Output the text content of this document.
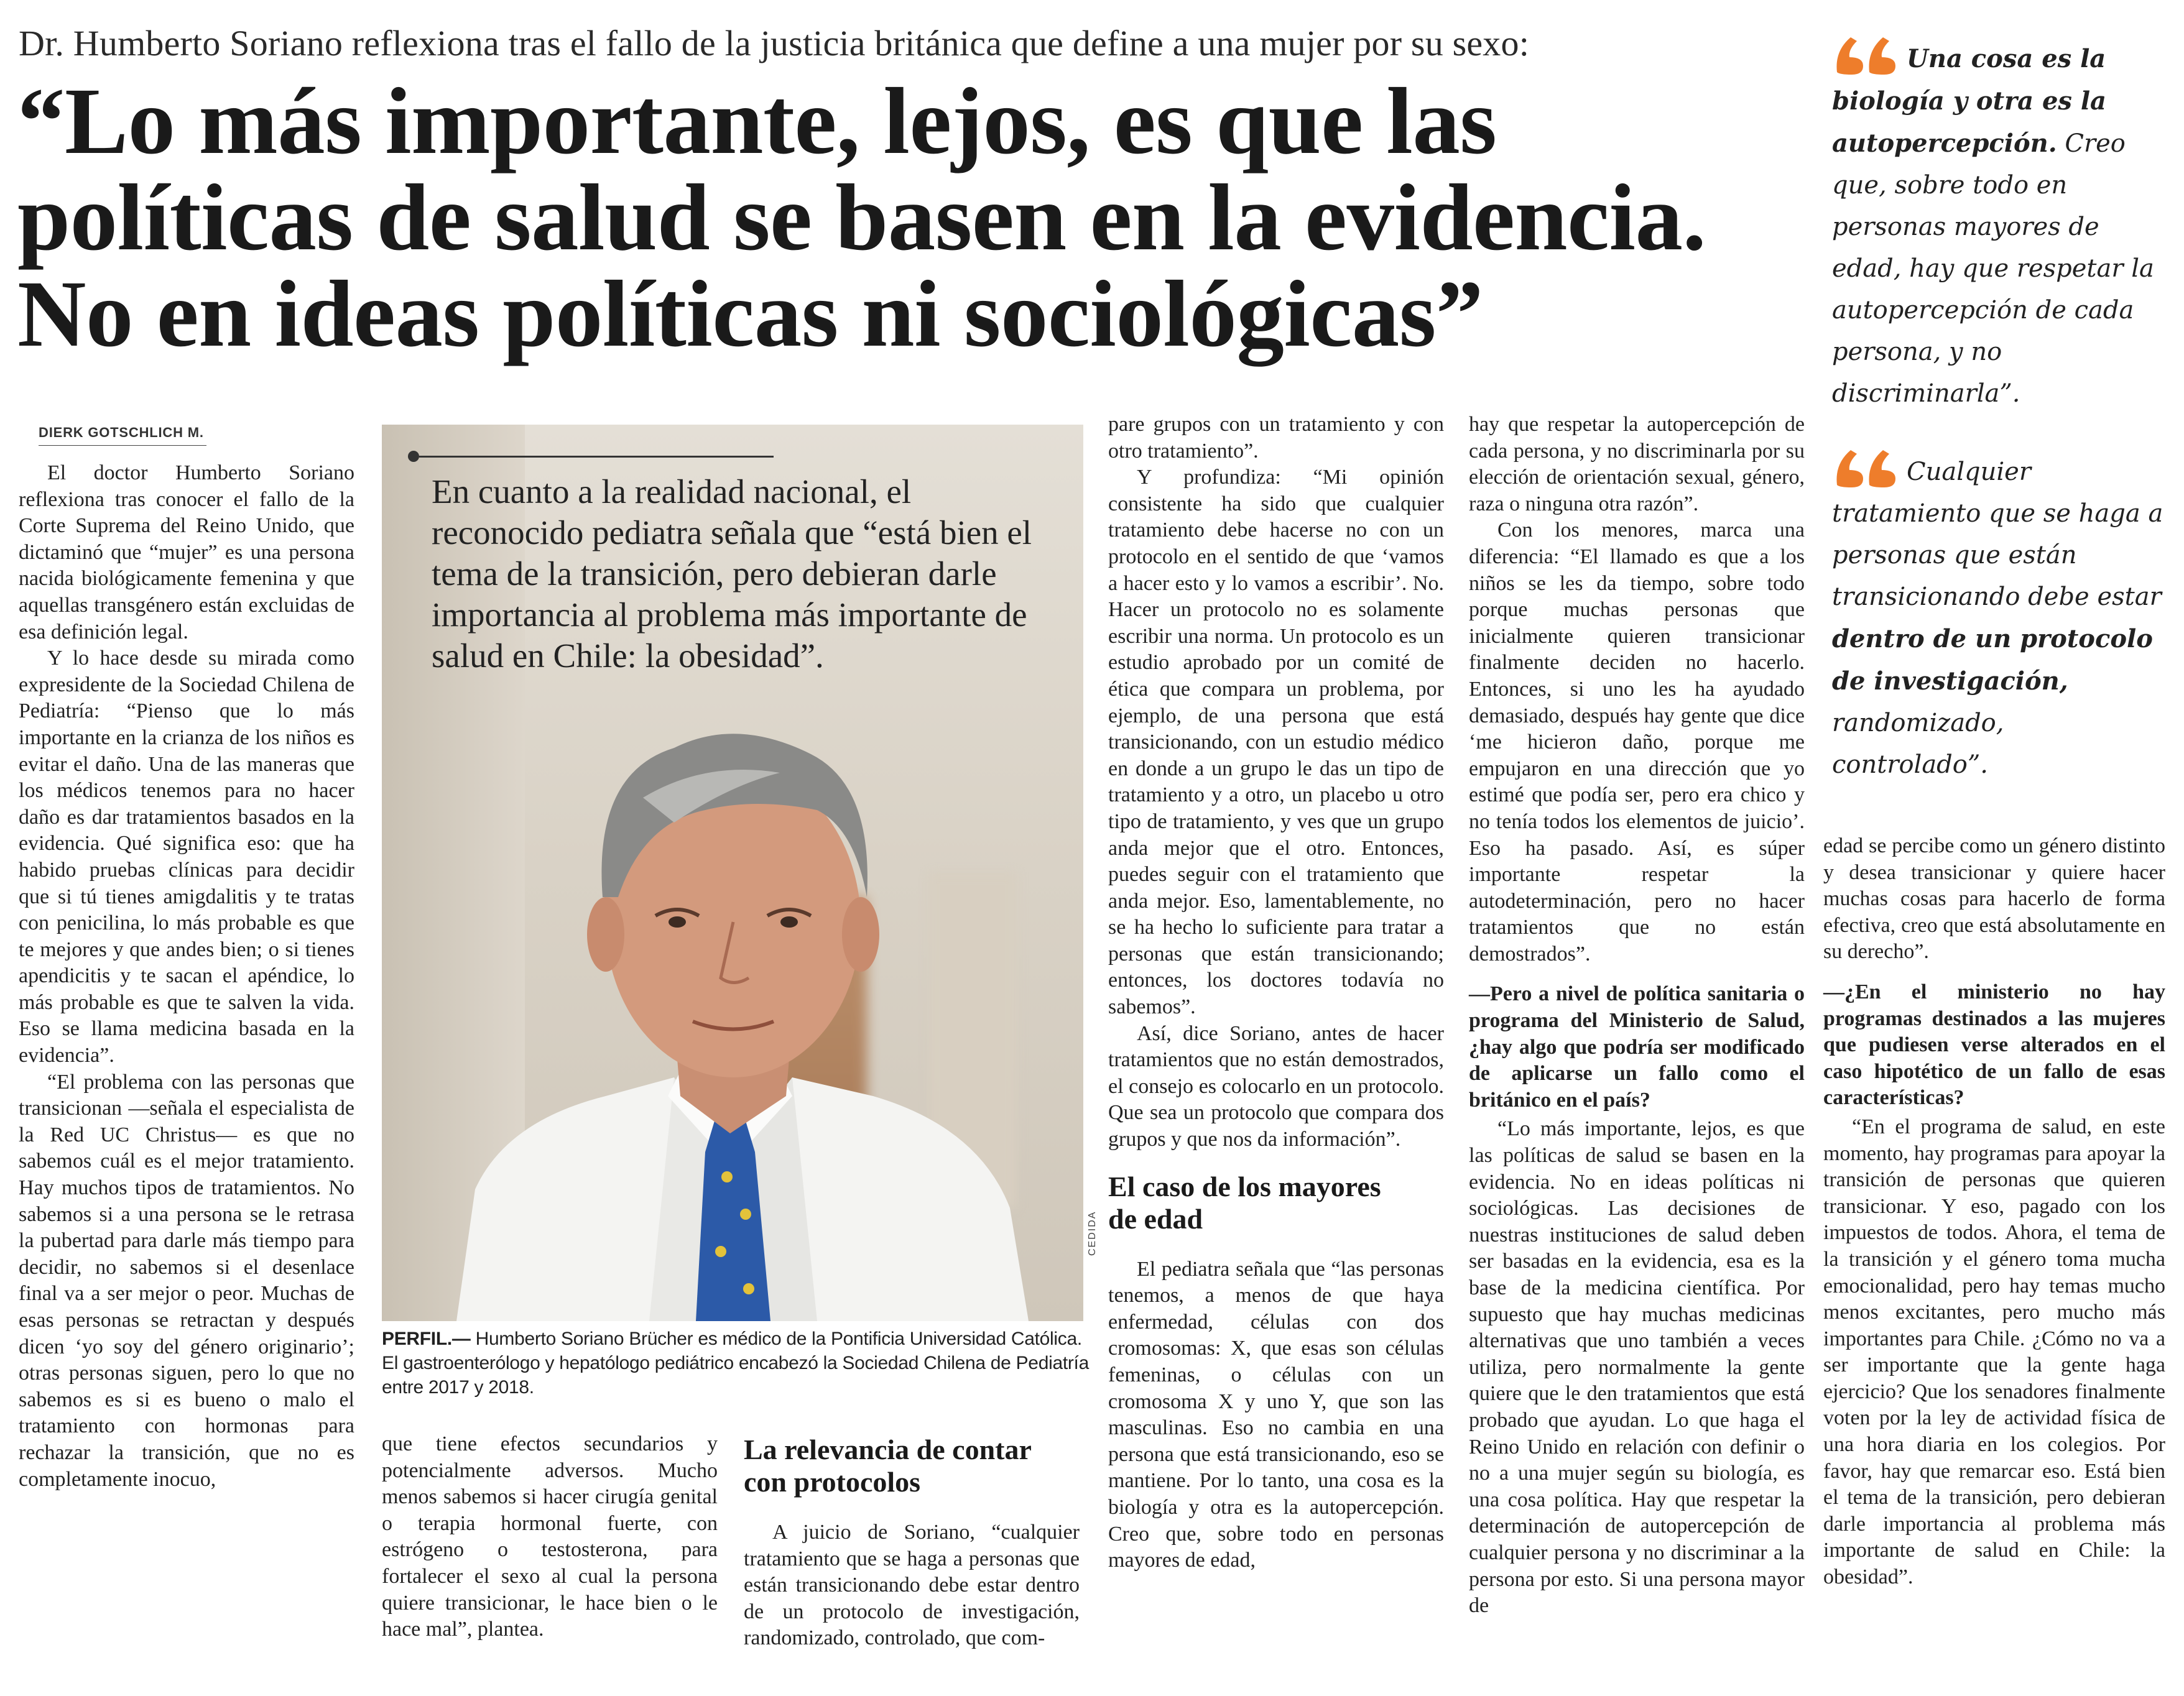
Dr. Humberto Soriano reflexiona tras el fallo de la justicia británica que define a una mujer por su sexo:
“Lo más importante, lejos, es que las
políticas de salud se basen en la evidencia.
No en ideas políticas ni sociológicas”
DIERK GOTSCHLICH M.

El doctor Humberto Soriano reflexiona tras conocer el fallo de la Corte Suprema del Reino Unido, que dictaminó que “mujer” es una persona nacida biológicamente femenina y que aquellas transgénero están excluidas de esa definición legal.

Y lo hace desde su mirada como expresidente de la Sociedad Chilena de Pediatría: “Pienso que lo más importante en la crianza de los niños es evitar el daño. Una de las maneras que los médicos tenemos para no hacer daño es dar tratamientos basados en la evidencia. Qué significa eso: que ha habido pruebas clínicas para decidir que si tú tienes amigdalitis y te tratas con penicilina, lo más probable es que te mejores y que andes bien; o si tienes apendicitis y te sacan el apéndice, lo más probable es que te salven la vida. Eso se llama medicina basada en la evidencia”.

“El problema con las personas que transicionan —señala el especialista de la Red UC Christus— es que no sabemos cuál es el mejor tratamiento. Hay muchos tipos de tratamientos. No sabemos si a una persona se le retrasa la pubertad para darle más tiempo para decidir, no sabemos si el desenlace final va a ser mejor o peor. Muchas de esas personas se retractan y después dicen ‘yo soy del género originario’; otras personas siguen, pero lo que no sabemos es si es bueno o malo el tratamiento con hormonas para rechazar la transición, que no es completamente inocuo,

En cuanto a la realidad nacional, el reconocido pediatra señala que “está bien el tema de la transición, pero debieran darle importancia al problema más importante de salud en Chile: la obesidad”.
CEDIDA
PERFIL.— Humberto Soriano Brücher es médico de la Pontificia Universidad Católica. El gastroenterólogo y hepatólogo pediátrico encabezó la Sociedad Chilena de Pediatría entre 2017 y 2018.

que tiene efectos secundarios y potencialmente adversos. Mucho menos sabemos si hacer cirugía genital o terapia hormonal fuerte, con estrógeno o testosterona, para fortalecer el sexo al cual la persona quiere transicionar, le hace bien o le hace mal”, plantea.

La relevancia de contar con protocolos

A juicio de Soriano, “cualquier tratamiento que se haga a personas que están transicionando debe estar dentro de un protocolo de investigación, randomizado, controlado, que com-

pare grupos con un tratamiento y con otro tratamiento”.

Y profundiza: “Mi opinión consistente ha sido que cualquier tratamiento debe hacerse no con un protocolo en el sentido de que ‘vamos a hacer esto y lo vamos a escribir’. No. Hacer un protocolo no es solamente escribir una norma. Un protocolo es un estudio aprobado por un comité de ética que compara un problema, por ejemplo, de una persona que está transicionando, con un estudio médico en donde a un grupo le das un tipo de tratamiento y a otro, un placebo u otro tipo de tratamiento, y ves que un grupo anda mejor que el otro. Entonces, puedes seguir con el tratamiento que anda mejor. Eso, lamentablemente, no se ha hecho lo suficiente para tratar a personas que están transicionando; entonces, los doctores todavía no sabemos”.

Así, dice Soriano, antes de hacer tratamientos que no están demostrados, el consejo es colocarlo en un protocolo. Que sea un protocolo que compara dos grupos y que nos da información”.

El caso de los mayores de edad

El pediatra señala que “las personas tenemos, a menos de que haya enfermedad, células con dos cromosomas: X, que esas son células femeninas, o células con un cromosoma X y uno Y, que son las masculinas. Eso no cambia en una persona que está transicionando, eso se mantiene. Por lo tanto, una cosa es la biología y otra es la autopercepción. Creo que, sobre todo en personas mayores de edad,

hay que respetar la autopercepción de cada persona, y no discriminarla por su elección de orientación sexual, género, raza o ninguna otra razón”.

Con los menores, marca una diferencia: “El llamado es que a los niños se les da tiempo, sobre todo porque muchas personas que inicialmente quieren transicionar finalmente deciden no hacerlo. Entonces, si uno les ha ayudado demasiado, después hay gente que dice ‘me hicieron daño, porque me empujaron en una dirección que yo estimé que podía ser, pero era chico y no tenía todos los elementos de juicio’. Eso ha pasado. Así, es súper importante respetar la autodeterminación, pero no hacer tratamientos que no están demostrados”.

—Pero a nivel de política sanitaria o programa del Ministerio de Salud, ¿hay algo que podría ser modificado de aplicarse un fallo como el británico en el país?

“Lo más importante, lejos, es que las políticas de salud se basen en la evidencia. No en ideas políticas ni sociológicas. Las decisiones de nuestras instituciones de salud deben ser basadas en la evidencia, esa es la base de la medicina científica. Por supuesto que hay muchas medicinas alternativas que uno también a veces utiliza, pero normalmente la gente quiere que le den tratamientos que está probado que ayudan. Lo que haga el Reino Unido en relación con definir o no a una mujer según su biología, es una cosa política. Hay que respetar la determinación de autopercepción de cualquier persona y no discriminar a la persona por esto. Si una persona mayor de

Una cosa es la biología y otra es la autopercepción. Creo que, sobre todo en personas mayores de edad, hay que respetar la autopercepción de cada persona, y no discriminarla”.
Cualquier tratamiento que se haga a personas que están transicionando debe estar dentro de un protocolo de investigación, randomizado, controlado”.

edad se percibe como un género distinto y desea transicionar y quiere hacer muchas cosas para hacerlo de forma efectiva, creo que está absolutamente en su derecho”.

—¿En el ministerio no hay programas destinados a las mujeres que pudiesen verse alterados en el caso hipotético de un fallo de esas características?

“En el programa de salud, en este momento, hay programas para apoyar la transición de personas que quieren transicionar. Y eso, pagado con los impuestos de todos. Ahora, el tema de la transición y el género toma mucha emocionalidad, pero hay temas mucho menos excitantes, pero mucho más importantes para Chile. ¿Cómo no va a ser importante que la gente haga ejercicio? Que los senadores finalmente voten por la ley de actividad física de una hora diaria en los colegios. Por favor, hay que remarcar eso. Está bien el tema de la transición, pero debieran darle importancia al problema más importante de salud en Chile: la obesidad”.
